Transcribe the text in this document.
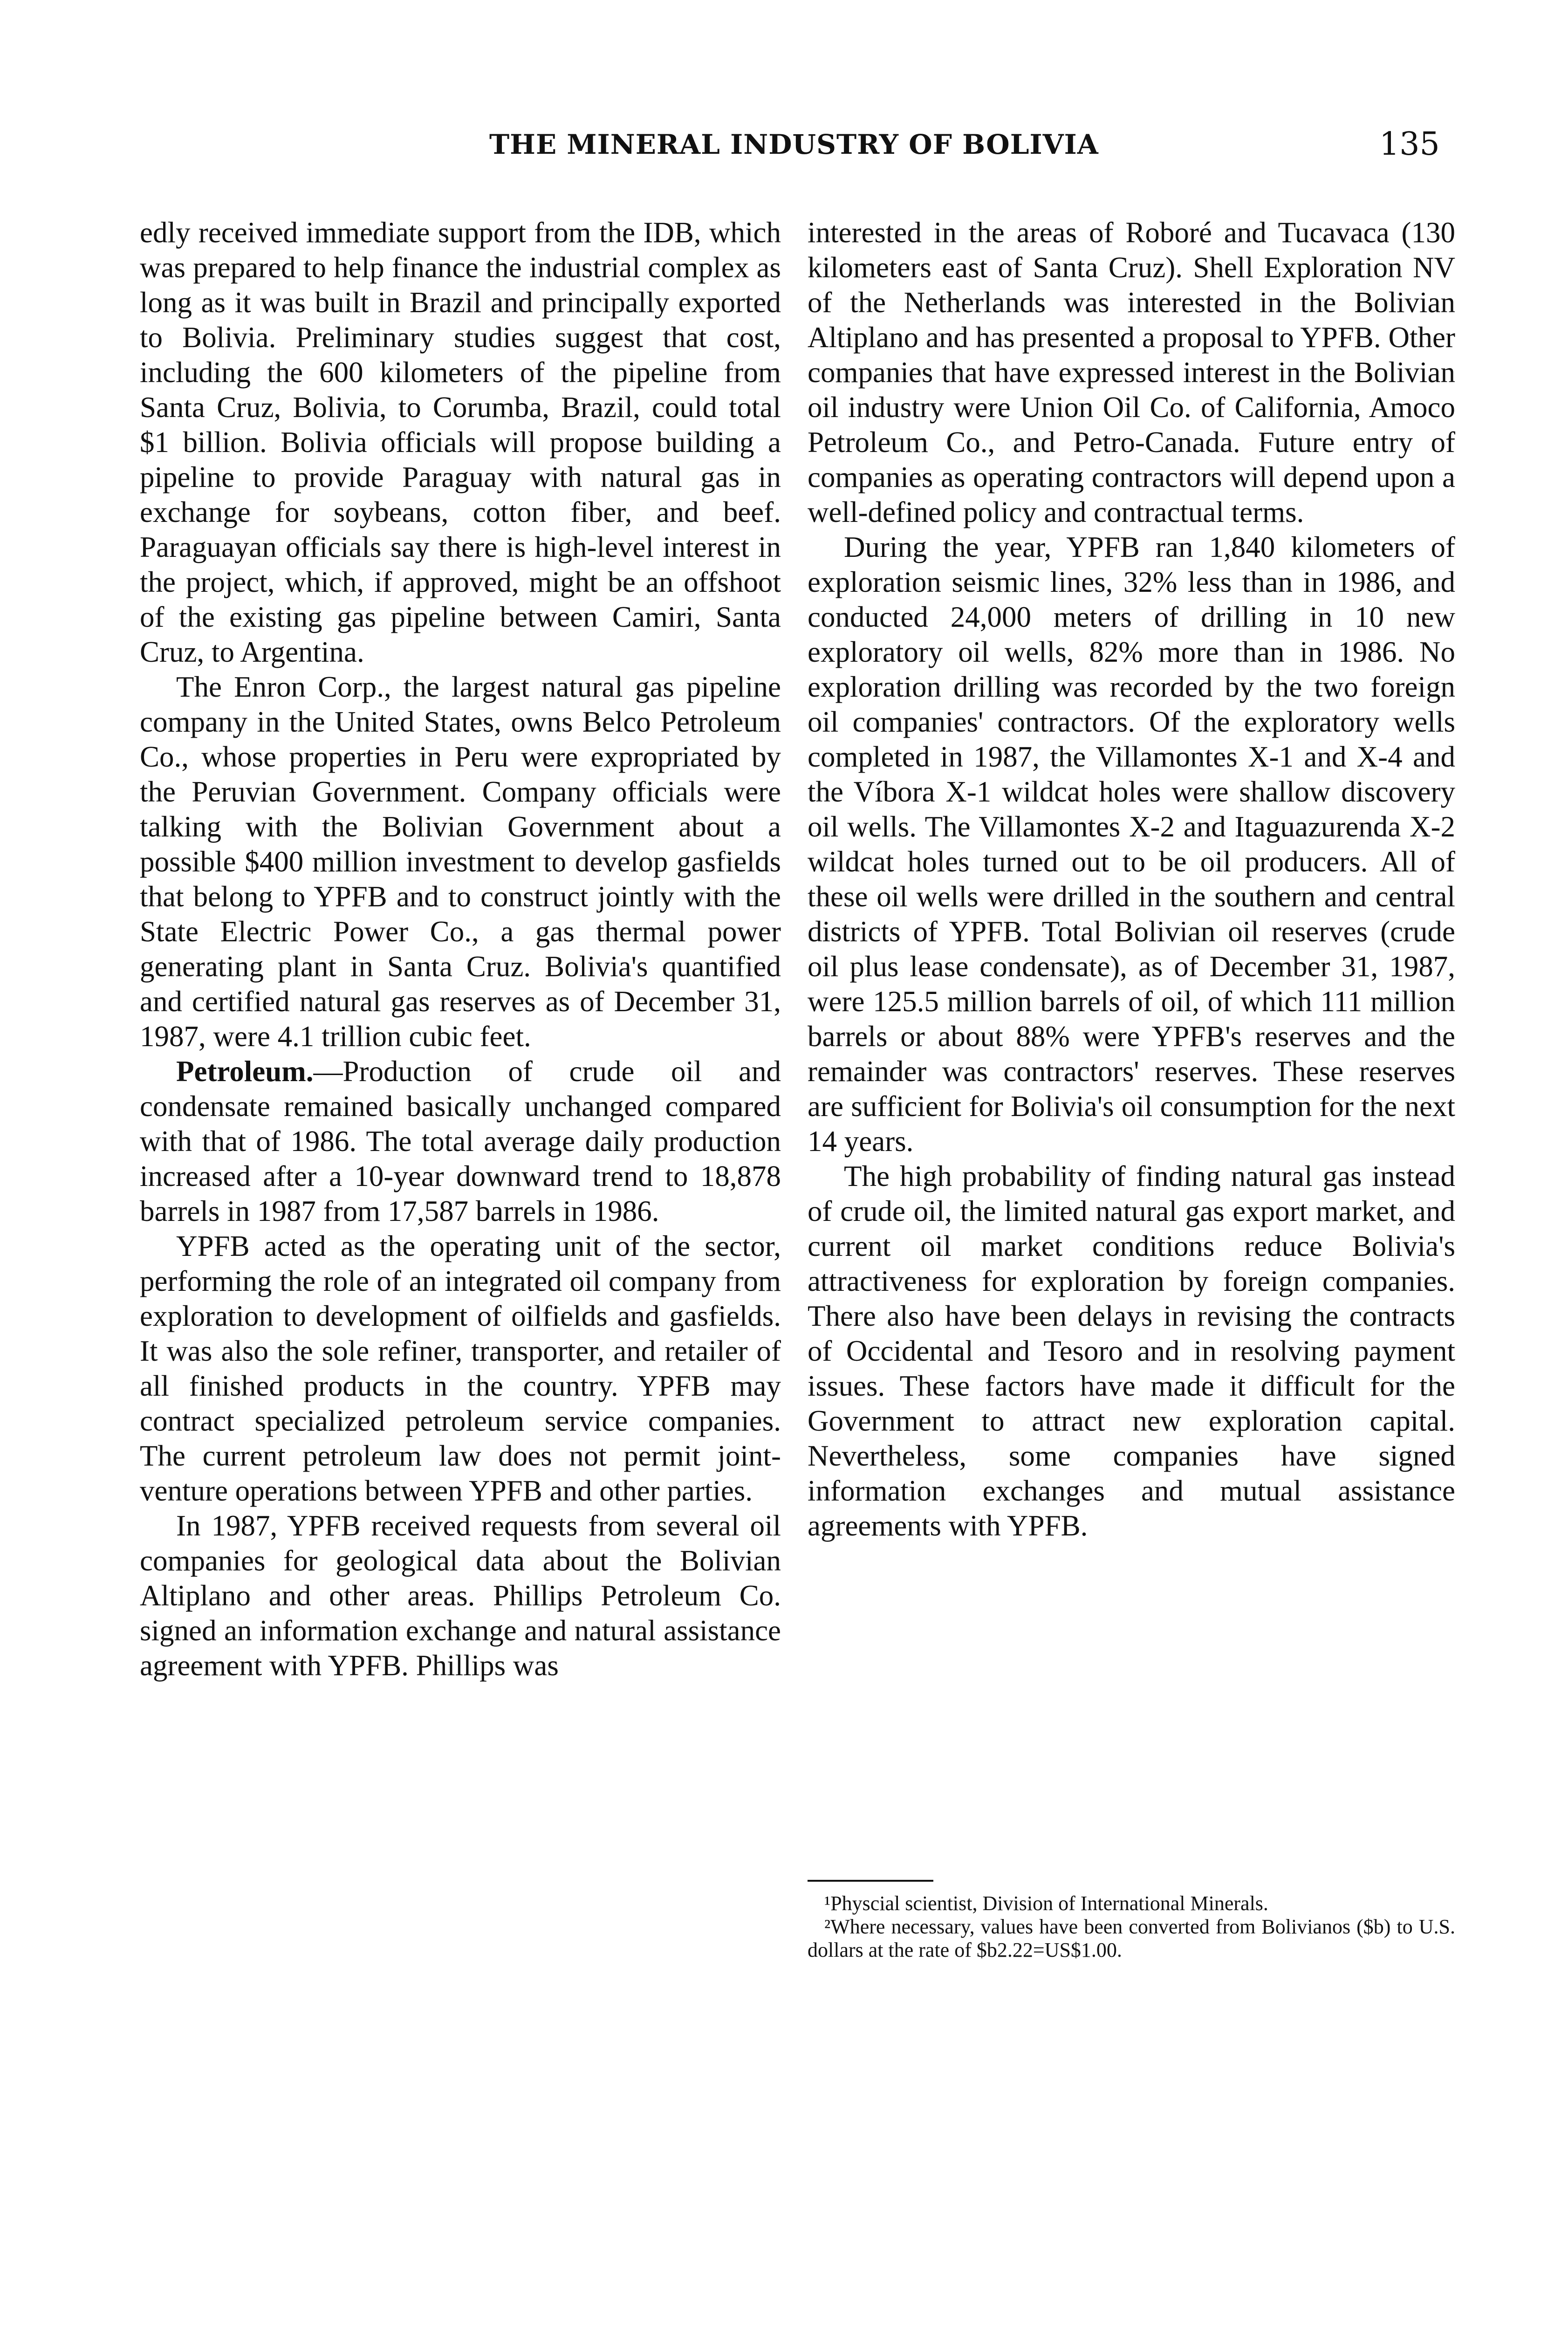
THE MINERAL INDUSTRY OF BOLIVIA	135

edly received immediate support from the IDB, which was prepared to help finance the industrial complex as long as it was built in Brazil and principally exported to Bolivia. Preliminary studies suggest that cost, including the 600 kilometers of the pipeline from Santa Cruz, Bolivia, to Corumba, Brazil, could total $1 billion. Bolivia officials will propose building a pipeline to provide Paraguay with natural gas in exchange for soybeans, cotton fiber, and beef. Paraguayan officials say there is high-level interest in the project, which, if approved, might be an offshoot of the existing gas pipeline between Camiri, Santa Cruz, to Argentina.

The Enron Corp., the largest natural gas pipeline company in the United States, owns Belco Petroleum Co., whose properties in Peru were expropriated by the Peruvian Government. Company officials were talking with the Bolivian Government about a possible $400 million investment to develop gasfields that belong to YPFB and to construct jointly with the State Electric Power Co., a gas thermal power generating plant in Santa Cruz. Bolivia's quantified and certified natural gas reserves as of December 31, 1987, were 4.1 trillion cubic feet.

Petroleum.—Production of crude oil and condensate remained basically unchanged compared with that of 1986. The total average daily production increased after a 10-year downward trend to 18,878 barrels in 1987 from 17,587 barrels in 1986.

YPFB acted as the operating unit of the sector, performing the role of an integrated oil company from exploration to development of oilfields and gasfields. It was also the sole refiner, transporter, and retailer of all finished products in the country. YPFB may contract specialized petroleum service companies. The current petroleum law does not permit joint-venture operations between YPFB and other parties.

In 1987, YPFB received requests from several oil companies for geological data about the Bolivian Altiplano and other areas. Phillips Petroleum Co. signed an information exchange and natural assistance agreement with YPFB. Phillips was

interested in the areas of Roboré and Tucavaca (130 kilometers east of Santa Cruz). Shell Exploration NV of the Netherlands was interested in the Bolivian Altiplano and has presented a proposal to YPFB. Other companies that have expressed interest in the Bolivian oil industry were Union Oil Co. of California, Amoco Petroleum Co., and Petro-Canada. Future entry of companies as operating contractors will depend upon a well-defined policy and contractual terms.

During the year, YPFB ran 1,840 kilometers of exploration seismic lines, 32% less than in 1986, and conducted 24,000 meters of drilling in 10 new exploratory oil wells, 82% more than in 1986. No exploration drilling was recorded by the two foreign oil companies' contractors. Of the exploratory wells completed in 1987, the Villamontes X-1 and X-4 and the Víbora X-1 wildcat holes were shallow discovery oil wells. The Villamontes X-2 and Itaguazurenda X-2 wildcat holes turned out to be oil producers. All of these oil wells were drilled in the southern and central districts of YPFB. Total Bolivian oil reserves (crude oil plus lease condensate), as of December 31, 1987, were 125.5 million barrels of oil, of which 111 million barrels or about 88% were YPFB's reserves and the remainder was contractors' reserves. These reserves are sufficient for Bolivia's oil consumption for the next 14 years.

The high probability of finding natural gas instead of crude oil, the limited natural gas export market, and current oil market conditions reduce Bolivia's attractiveness for exploration by foreign companies. There also have been delays in revising the contracts of Occidental and Tesoro and in resolving payment issues. These factors have made it difficult for the Government to attract new exploration capital. Nevertheless, some companies have signed information exchanges and mutual assistance agreements with YPFB.

¹Physcial scientist, Division of International Minerals.

²Where necessary, values have been converted from Bolivianos ($b) to U.S. dollars at the rate of $b2.22=US$1.00.
